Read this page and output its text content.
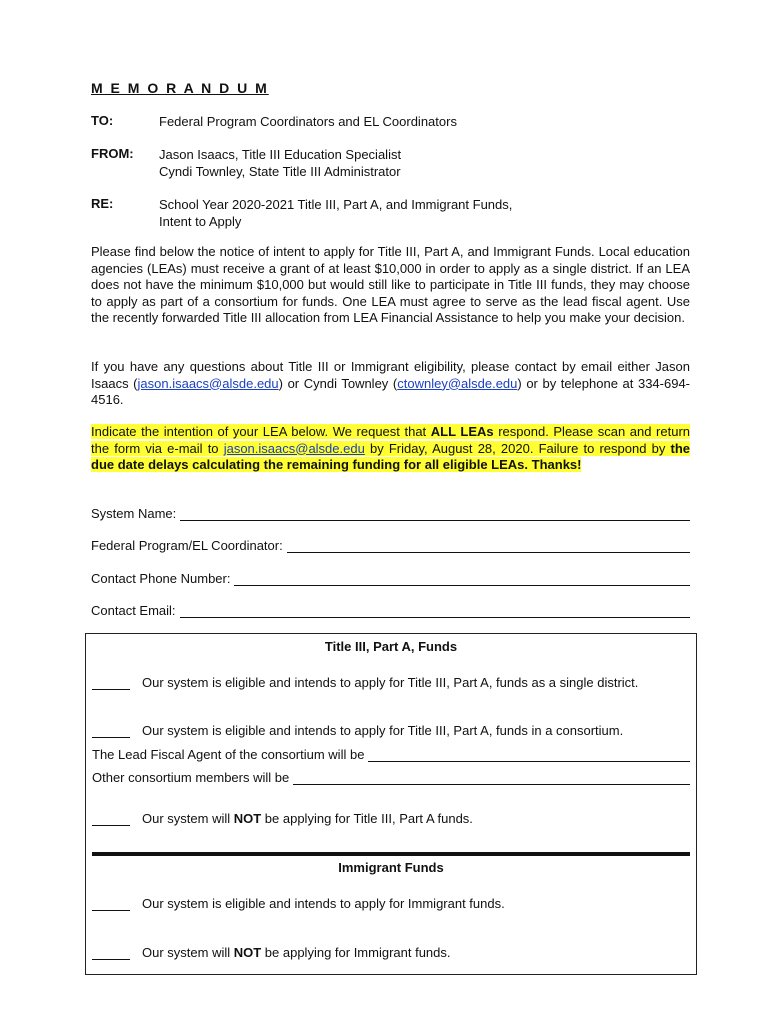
M E M O R A N D U M
TO:	Federal Program Coordinators and EL Coordinators
FROM: Jason Isaacs, Title III Education Specialist
Cyndi Townley, State Title III Administrator
RE:	School Year 2020-2021 Title III, Part A, and Immigrant Funds,
Intent to Apply
Please find below the notice of intent to apply for Title III, Part A, and Immigrant Funds. Local education agencies (LEAs) must receive a grant of at least $10,000 in order to apply as a single district. If an LEA does not have the minimum $10,000 but would still like to participate in Title III funds, they may choose to apply as part of a consortium for funds. One LEA must agree to serve as the lead fiscal agent. Use the recently forwarded Title III allocation from LEA Financial Assistance to help you make your decision.
If you have any questions about Title III or Immigrant eligibility, please contact by email either Jason Isaacs (jason.isaacs@alsde.edu) or Cyndi Townley (ctownley@alsde.edu) or by telephone at 334-694-4516.
Indicate the intention of your LEA below. We request that ALL LEAs respond. Please scan and return the form via e-mail to jason.isaacs@alsde.edu by Friday, August 28, 2020. Failure to respond by the due date delays calculating the remaining funding for all eligible LEAs. Thanks!
System Name:
Federal Program/EL Coordinator:
Contact Phone Number:
Contact Email:
Title III, Part A, Funds
Our system is eligible and intends to apply for Title III, Part A, funds as a single district.
Our system is eligible and intends to apply for Title III, Part A, funds in a consortium.
The Lead Fiscal Agent of the consortium will be
Other consortium members will be
Our system will NOT be applying for Title III, Part A funds.
Immigrant Funds
Our system is eligible and intends to apply for Immigrant funds.
Our system will NOT be applying for Immigrant funds.
